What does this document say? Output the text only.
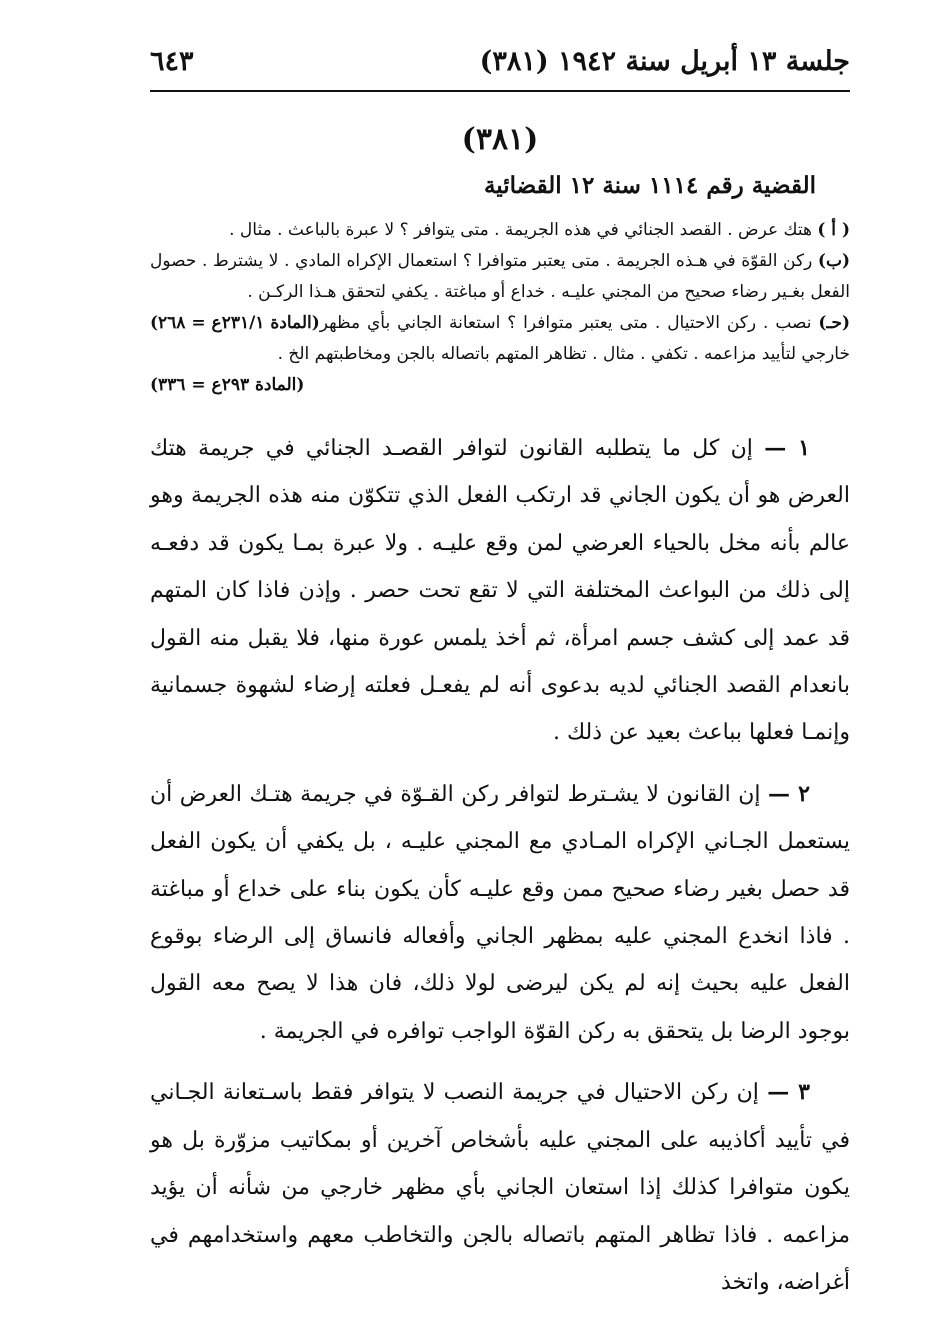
جلسة ١٣ أبريل سنة ١٩٤٢ (٣٨١)
٦٤٣
(٣٨١)
القضية رقم ١١١٤ سنة ١٢ القضائية

( أ ) هتك عرض . القصد الجنائي في هذه الجريمة . متى يتوافر ؟ لا عبرة بالباعث . مثال .

(ب) ركن القوّة في هـذه الجريمة . متى يعتبر متوافرا ؟ استعمال الإكراه المادي . لا يشترط . حصول الفعل بغـير رضاء صحيح من المجني عليـه . خداع أو مباغتة . يكفي لتحقق هـذا الركـن .
(المادة ٢٣١/١ع = ٢٦٨)	(حـ) نصب . ركن الاحتيال . متى يعتبر متوافرا ؟ استعانة الجاني بأي مظهر خارجي لتأييد مزاعمه . تكفي . مثال . تظاهر المتهم باتصاله بالجن ومخاطبتهم الخ .
(المادة ٢٩٣ع = ٣٣٦)

١ — إن كل ما يتطلبه القانون لتوافر القصـد الجنائي في جريمة هتك العرض هو أن يكون الجاني قد ارتكب الفعل الذي تتكوّن منه هذه الجريمة وهو عالم بأنه مخل بالحياء العرضي لمن وقع عليـه . ولا عبرة بمـا يكون قد دفعـه إلى ذلك من البواعث المختلفة التي لا تقع تحت حصر . وإذن فاذا كان المتهم قد عمد إلى كشف جسم امرأة، ثم أخذ يلمس عورة منها، فلا يقبل منه القول بانعدام القصد الجنائي لديه بدعوى أنه لم يفعـل فعلته إرضاء لشهوة جسمانية وإنمـا فعلها بباعث بعيد عن ذلك .

٢ — إن القانون لا يشـترط لتوافر ركن القـوّة في جريمة هتـك العرض أن يستعمل الجـاني الإكراه المـادي مع المجني عليـه ، بل يكفي أن يكون الفعل قد حصل بغير رضاء صحيح ممن وقع عليـه كأن يكون بناء على خداع أو مباغتة . فاذا انخدع المجني عليه بمظهر الجاني وأفعاله فانساق إلى الرضاء بوقوع الفعل عليه بحيث إنه لم يكن ليرضى لولا ذلك، فان هذا لا يصح معه القول بوجود الرضا بل يتحقق به ركن القوّة الواجب توافره في الجريمة .

٣ — إن ركن الاحتيال في جريمة النصب لا يتوافر فقط باسـتعانة الجـاني في تأييد أكاذيبه على المجني عليه بأشخاص آخرين أو بمكاتيب مزوّرة بل هو يكون متوافرا كذلك إذا استعان الجاني بأي مظهر خارجي من شأنه أن يؤيد مزاعمه . فاذا تظاهر المتهم باتصاله بالجن والتخاطب معهم واستخدامهم في أغراضه، واتخذ
